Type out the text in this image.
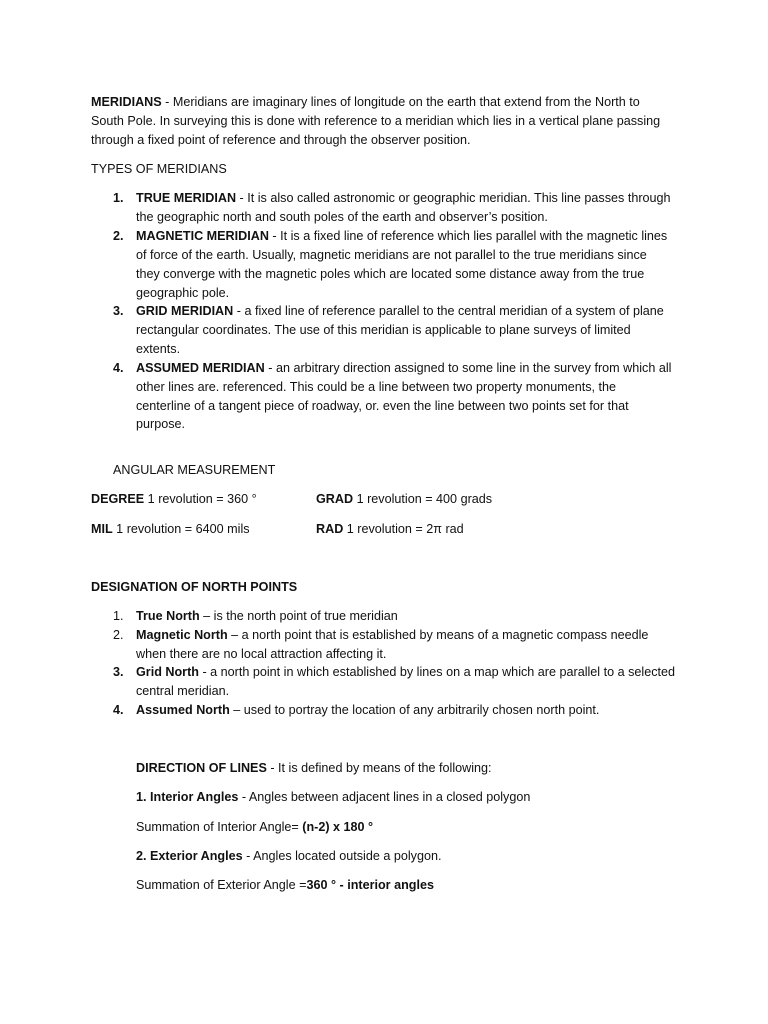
MERIDIANS - Meridians are imaginary lines of longitude on the earth that extend from the North to
South Pole. In surveying this is done with reference to a meridian which lies in a vertical plane passing
through a fixed point of reference and through the observer position.
TYPES OF MERIDIANS
1. TRUE MERIDIAN - It is also called astronomic or geographic meridian. This line passes through
the geographic north and south poles of the earth and observer’s position.
2. MAGNETIC MERIDIAN - It is a fixed line of reference which lies parallel with the magnetic lines
of force of the earth. Usually, magnetic meridians are not parallel to the true meridians since
they converge with the magnetic poles which are located some distance away from the true
geographic pole.
3. GRID MERIDIAN - a fixed line of reference parallel to the central meridian of a system of plane
rectangular coordinates. The use of this meridian is applicable to plane surveys of limited
extents.
4. ASSUMED MERIDIAN - an arbitrary direction assigned to some line in the survey from which all
other lines are. referenced. This could be a line between two property monuments, the
centerline of a tangent piece of roadway, or. even the line between two points set for that
purpose.
ANGULAR MEASUREMENT
DEGREE 1 revolution = 360 °	GRAD 1 revolution = 400 grads
MIL 1 revolution = 6400 mils	RAD 1 revolution = 2π rad
DESIGNATION OF NORTH POINTS
1. True North – is the north point of true meridian
2. Magnetic North – a north point that is established by means of a magnetic compass needle
when there are no local attraction affecting it.
3. Grid North - a north point in which established by lines on a map which are parallel to a selected
central meridian.
4. Assumed North – used to portray the location of any arbitrarily chosen north point.
DIRECTION OF LINES - It is defined by means of the following:
1. Interior Angles - Angles between adjacent lines in a closed polygon
Summation of Interior Angle= (n-2) x 180 °
2. Exterior Angles - Angles located outside a polygon.
Summation of Exterior Angle =360 ° - interior angles
